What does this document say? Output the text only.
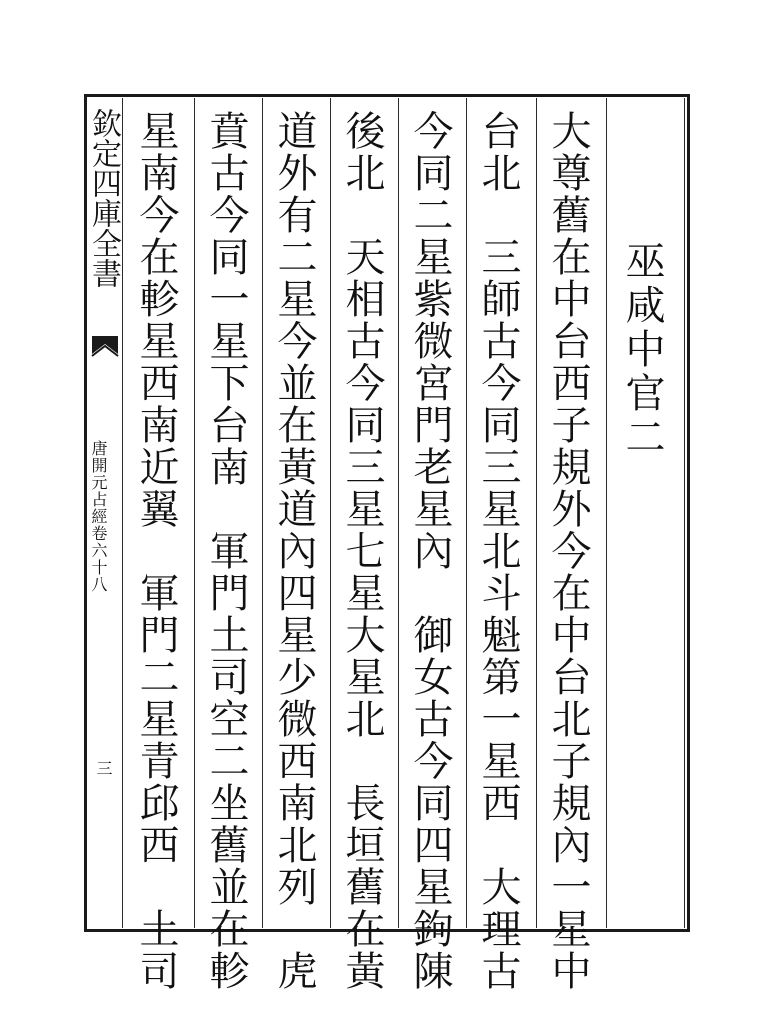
欽定四庫全書
唐開元占經卷六十八
三
巫咸中官二
大尊舊在中台西子規外今在中台北子規內一星中
台北　三師古今同三星北斗魁第一星西　大理古
今同二星紫微宮門老星內　御女古今同四星鉤陳
後北　天相古今同三星七星大星北　長垣舊在黃
道外有二星今並在黃道內四星少微西南北列　虎
賁古今同一星下台南　軍門土司空二坐舊並在軫
星南今在軫星西南近翼　軍門二星青邱西　土司
